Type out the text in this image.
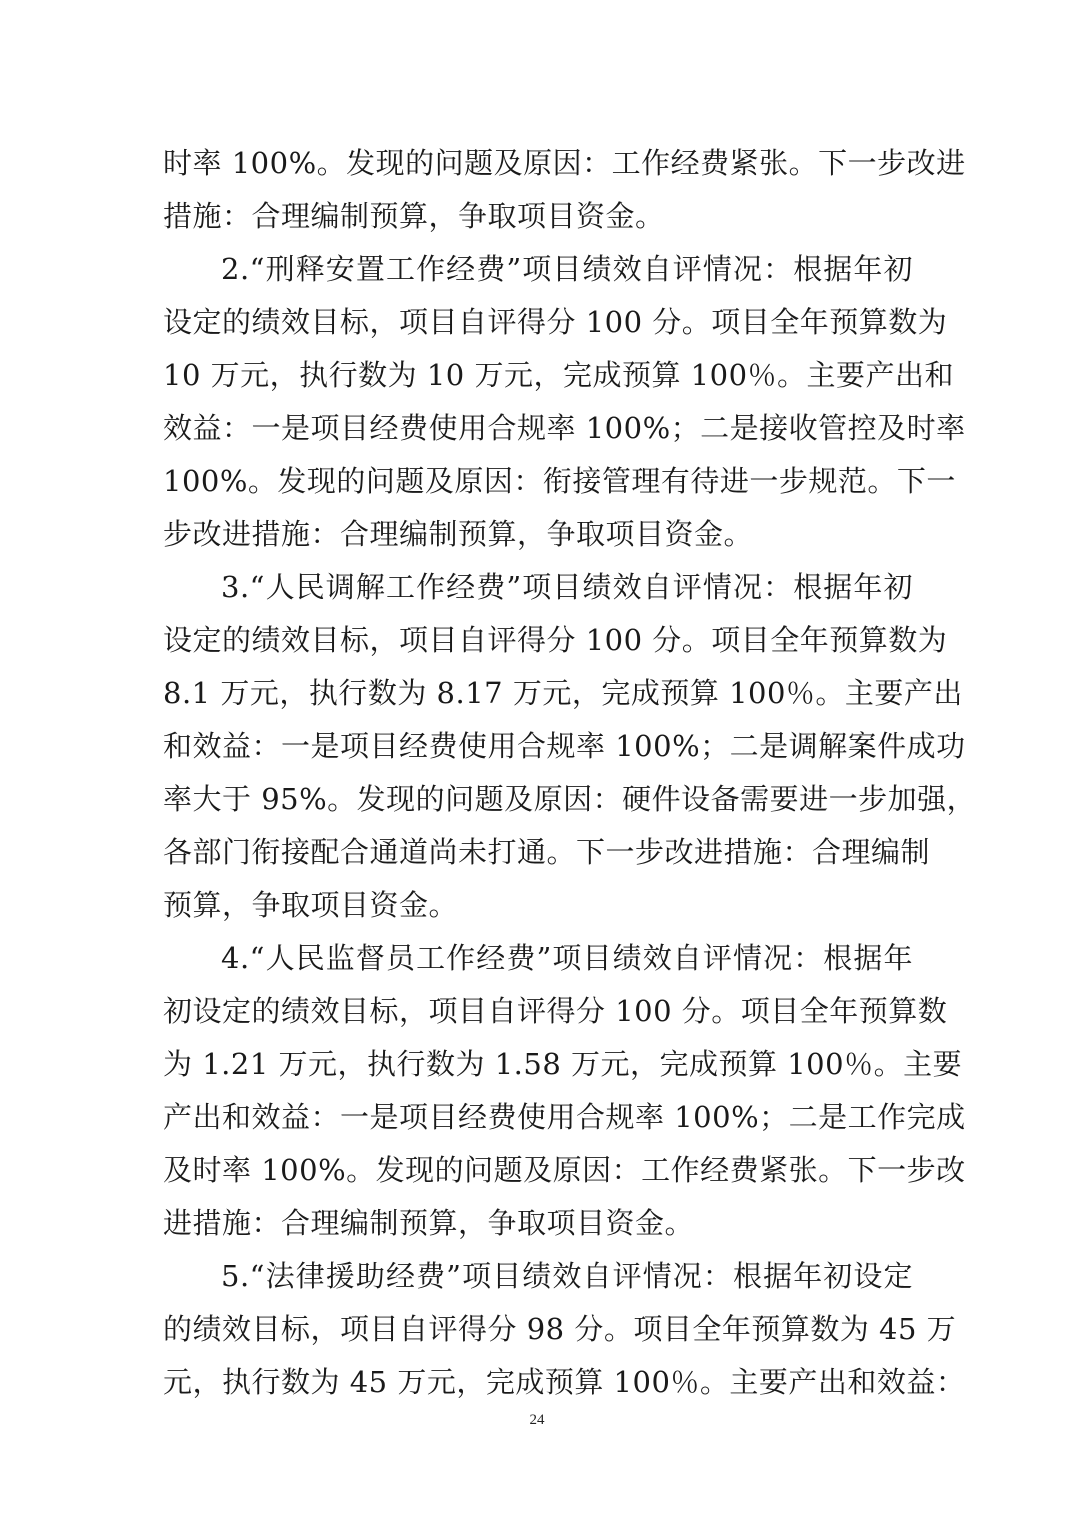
时率 100%。发现的问题及原因：工作经费紧张。下一步改进
措施：合理编制预算，争取项目资金。
2.“刑释安置工作经费”项目绩效自评情况：根据年初
设定的绩效目标，项目自评得分 100 分。项目全年预算数为
10 万元，执行数为 10 万元，完成预算 100％。主要产出和
效益：一是项目经费使用合规率 100%；二是接收管控及时率
100%。发现的问题及原因：衔接管理有待进一步规范。下一
步改进措施：合理编制预算，争取项目资金。
3.“人民调解工作经费”项目绩效自评情况：根据年初
设定的绩效目标，项目自评得分 100 分。项目全年预算数为
8.1 万元，执行数为 8.17 万元，完成预算 100％。主要产出
和效益：一是项目经费使用合规率 100%；二是调解案件成功
率大于 95%。发现的问题及原因：硬件设备需要进一步加强，
各部门衔接配合通道尚未打通。下一步改进措施：合理编制
预算，争取项目资金。
4.“人民监督员工作经费”项目绩效自评情况：根据年
初设定的绩效目标，项目自评得分 100 分。项目全年预算数
为 1.21 万元，执行数为 1.58 万元，完成预算 100％。主要
产出和效益：一是项目经费使用合规率 100%；二是工作完成
及时率 100%。发现的问题及原因：工作经费紧张。下一步改
进措施：合理编制预算，争取项目资金。
5.“法律援助经费”项目绩效自评情况：根据年初设定
的绩效目标，项目自评得分 98 分。项目全年预算数为 45 万
元，执行数为 45 万元，完成预算 100％。主要产出和效益：
24
